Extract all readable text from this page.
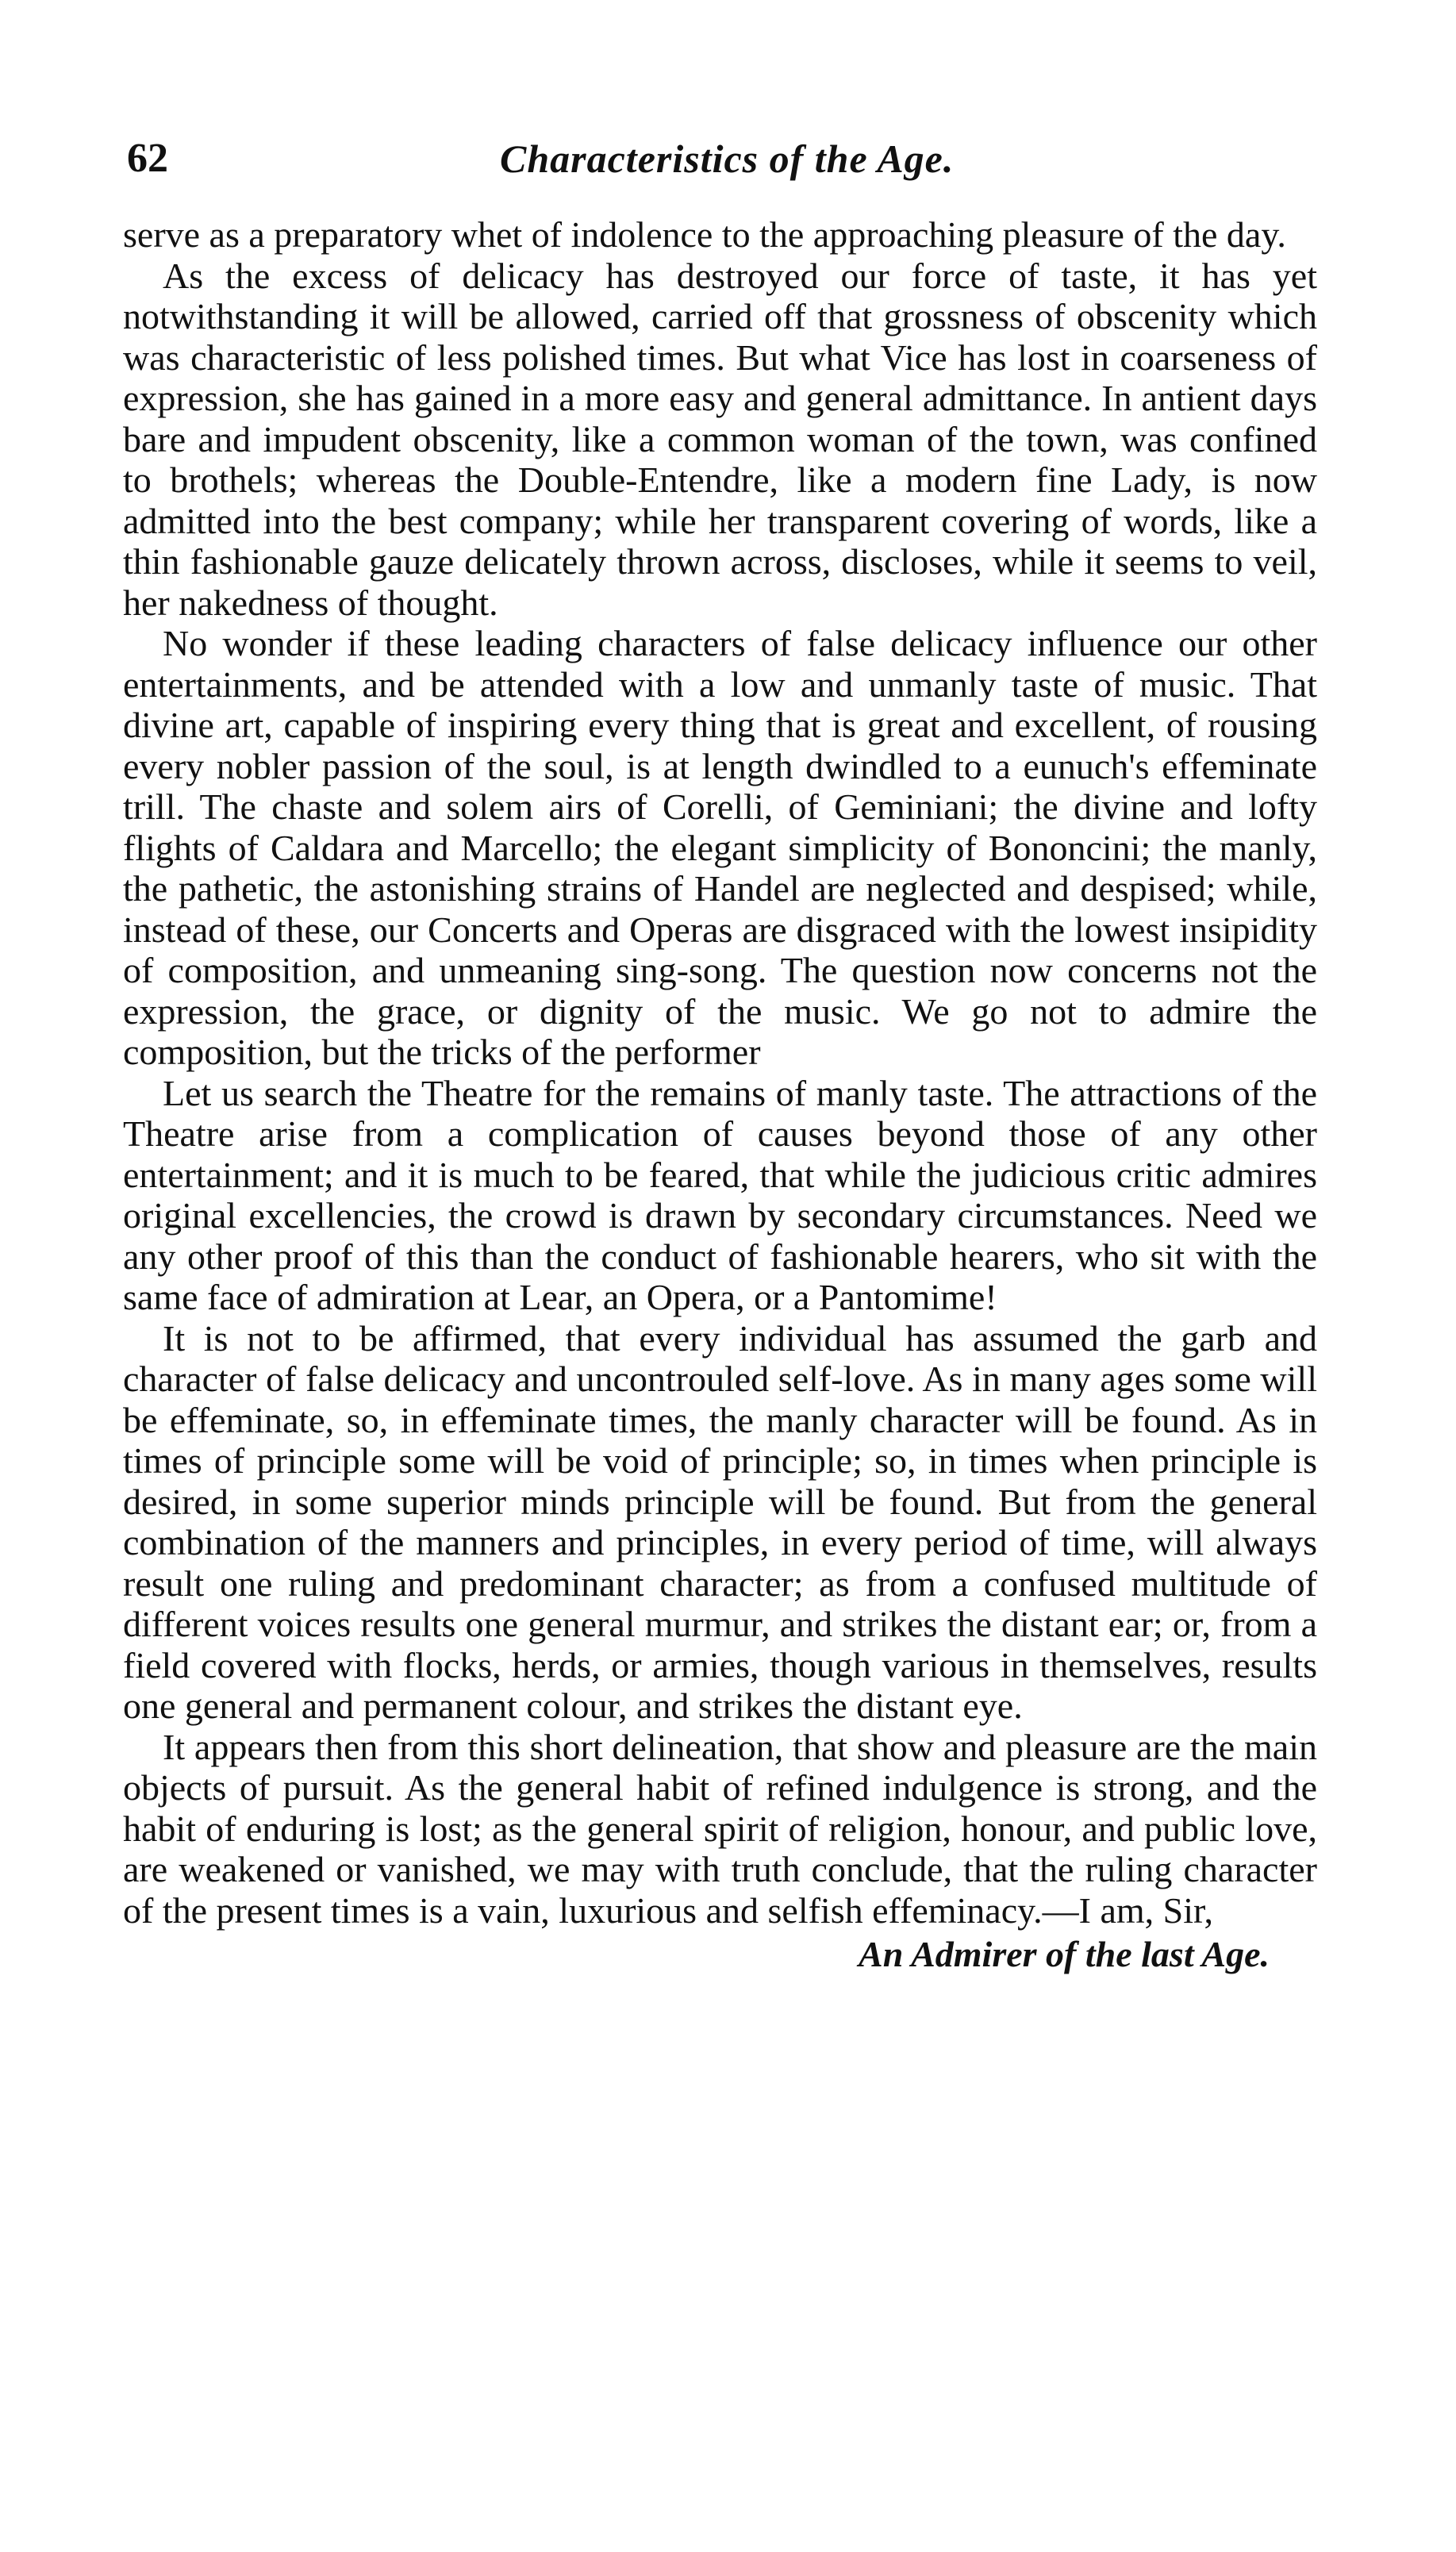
62	Characteristics of the Age.

serve as a preparatory whet of indolence to the approaching pleasure of the day.

As the excess of delicacy has destroyed our force of taste, it has yet notwithstanding it will be allowed, carried off that grossness of obscenity which was characteristic of less polished times. But what Vice has lost in coarseness of expression, she has gained in a more easy and general admittance. In antient days bare and impudent obscenity, like a common woman of the town, was confined to brothels; whereas the Double-Entendre, like a modern fine Lady, is now admitted into the best company; while her transparent covering of words, like a thin fashionable gauze delicately thrown across, discloses, while it seems to veil, her nakedness of thought.

No wonder if these leading characters of false delicacy influence our other entertainments, and be attended with a low and unmanly taste of music. That divine art, capable of inspiring every thing that is great and excellent, of rousing every nobler passion of the soul, is at length dwindled to a eunuch's effeminate trill. The chaste and solem airs of Corelli, of Geminiani; the divine and lofty flights of Caldara and Marcello; the elegant simplicity of Bononcini; the manly, the pathetic, the astonishing strains of Handel are neglected and despised; while, instead of these, our Concerts and Operas are disgraced with the lowest insipidity of composition, and unmeaning sing-song. The question now concerns not the expression, the grace, or dignity of the music. We go not to admire the composition, but the tricks of the performer

Let us search the Theatre for the remains of manly taste. The attractions of the Theatre arise from a complication of causes beyond those of any other entertainment; and it is much to be feared, that while the judicious critic admires original excellencies, the crowd is drawn by secondary circumstances. Need we any other proof of this than the conduct of fashionable hearers, who sit with the same face of admiration at Lear, an Opera, or a Pantomime!

It is not to be affirmed, that every individual has assumed the garb and character of false delicacy and uncontrouled self-love. As in many ages some will be effeminate, so, in effeminate times, the manly character will be found. As in times of principle some will be void of principle; so, in times when principle is desired, in some superior minds principle will be found. But from the general combination of the manners and principles, in every period of time, will always result one ruling and predominant character; as from a confused multitude of different voices results one general murmur, and strikes the distant ear; or, from a field covered with flocks, herds, or armies, though various in themselves, results one general and permanent colour, and strikes the distant eye.

It appears then from this short delineation, that show and pleasure are the main objects of pursuit. As the general habit of refined indulgence is strong, and the habit of enduring is lost; as the general spirit of religion, honour, and public love, are weakened or vanished, we may with truth conclude, that the ruling character of the present times is a vain, luxurious and selfish effeminacy.—I am, Sir,

An Admirer of the last Age.
